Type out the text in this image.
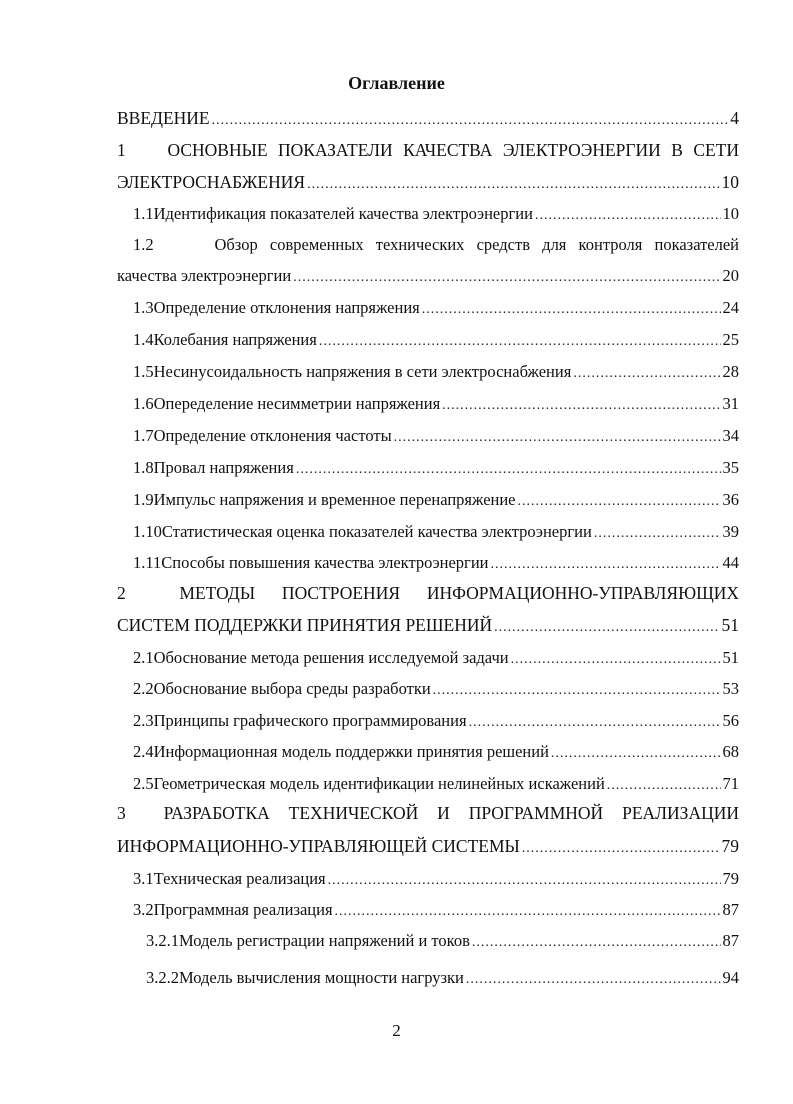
Оглавление
ВВЕДЕНИЕ .....	4
1 ОСНОВНЫЕ ПОКАЗАТЕЛИ КАЧЕСТВА ЭЛЕКТРОЭНЕРГИИ В СЕТИ
ЭЛЕКТРОСНАБЖЕНИЯ .....	10
1.1 Идентификация показателей качества электроэнергии .....	10
1.2	Обзор современных технических средств для контроля показателей
качества электроэнергии .....	20
1.3 Определение отклонения напряжения .....	24
1.4 Колебания напряжения .....	25
1.5 Несинусоидальность напряжения в сети электроснабжения .....	28
1.6 Опеределение несимметрии напряжения .....	31
1.7 Определение отклонения частоты .....	34
1.8 Провал напряжения .....	35
1.9 Импульс напряжения и временное перенапряжение .....	36
1.10 Статистическая оценка показателей качества электроэнергии .....	39
1.11 Способы повышения качества электроэнергии .....	44
2	МЕТОДЫ ПОСТРОЕНИЯ ИНФОРМАЦИОННО-УПРАВЛЯЮЩИХ
СИСТЕМ ПОДДЕРЖКИ ПРИНЯТИЯ РЕШЕНИЙ .....	51
2.1 Обоснование метода решения исследуемой задачи .....	51
2.2 Обоснование выбора среды разработки .....	53
2.3 Принципы графического программирования .....	56
2.4 Информационная модель поддержки принятия решений .....	68
2.5 Геометрическая модель идентификации нелинейных искажений .....	71
3 РАЗРАБОТКА ТЕХНИЧЕСКОЙ И ПРОГРАММНОЙ РЕАЛИЗАЦИИ
ИНФОРМАЦИОННО-УПРАВЛЯЮЩЕЙ СИСТЕМЫ .....	79
3.1 Техническая реализация .....	79
3.2 Программная реализация .....	87
3.2.1 Модель регистрации напряжений и токов .....	87
3.2.2 Модель вычисления мощности нагрузки .....	94
2
